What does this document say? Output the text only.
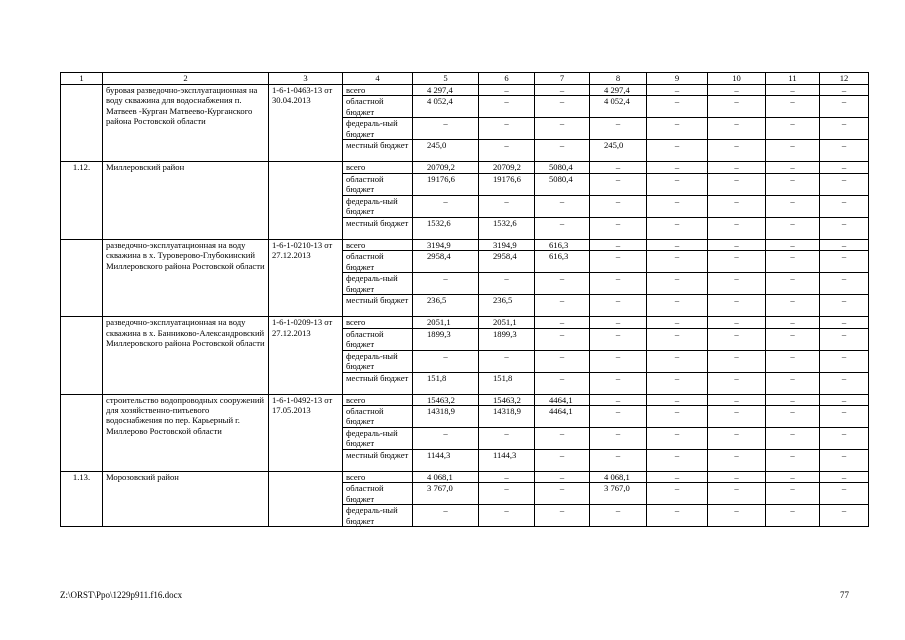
1	2	3	4	5	6	7	8	9	10	11	12
	буровая разведочно-эксплуатационная на воду скважина для водоснабжения п. Матвеев -Курган Матвеево-Курганского района Ростовской области	1-6-1-0463-13 от 30.04.2013	всего	4 297,4	–	–	4 297,4	–	–	–	–
			областной бюджет	4 052,4	–	–	4 052,4	–	–	–	–
			федераль-ный бюджет	–	–	–	–	–	–	–	–
			местный бюджет	245,0	–	–	245,0	–	–	–	–
1.12.	Миллеровский район		всего	20709,2	20709,2	5080,4	–	–	–	–	–
			областной бюджет	19176,6	19176,6	5080,4	–	–	–	–	–
			федераль-ный бюджет	–	–	–	–	–	–	–	–
			местный бюджет	1532,6	1532,6	–	–	–	–	–	–
	разведочно-эксплуатационная на воду скважина в х. Туроверово-Глубокинский Миллеровского района Ростовской области	1-6-1-0210-13 от 27.12.2013	всего	3194,9	3194,9	616,3	–	–	–	–	–
			областной бюджет	2958,4	2958,4	616,3	–	–	–	–	–
			федераль-ный бюджет	–	–	–	–	–	–	–	–
			местный бюджет	236,5	236,5	–	–	–	–	–	–
	разведочно-эксплуатационная на воду скважина в х. Банниково-Александровский Миллеровского района Ростовской области	1-6-1-0209-13 от 27.12.2013	всего	2051,1	2051,1	–	–	–	–	–	–
			областной бюджет	1899,3	1899,3	–	–	–	–	–	–
			федераль-ный бюджет	–	–	–	–	–	–	–	–
			местный бюджет	151,8	151,8	–	–	–	–	–	–
	строительство водопроводных сооружений для хозяйственно-питьевого водоснабжения по пер. Карьерный г. Миллерово Ростовской области	1-6-1-0492-13 от 17.05.2013	всего	15463,2	15463,2	4464,1	–	–	–	–	–
			областной бюджет	14318,9	14318,9	4464,1	–	–	–	–	–
			федераль-ный бюджет	–	–	–	–	–	–	–	–
			местный бюджет	1144,3	1144,3	–	–	–	–	–	–
1.13.	Морозовский район		всего	4 068,1	–	–	4 068,1	–	–	–	–
			областной бюджет	3 767,0	–	–	3 767,0	–	–	–	–
			федераль-ный бюджет	–	–	–	–	–	–	–	–
Z:\ORST\Ppo\1229p911.f16.docx	77
